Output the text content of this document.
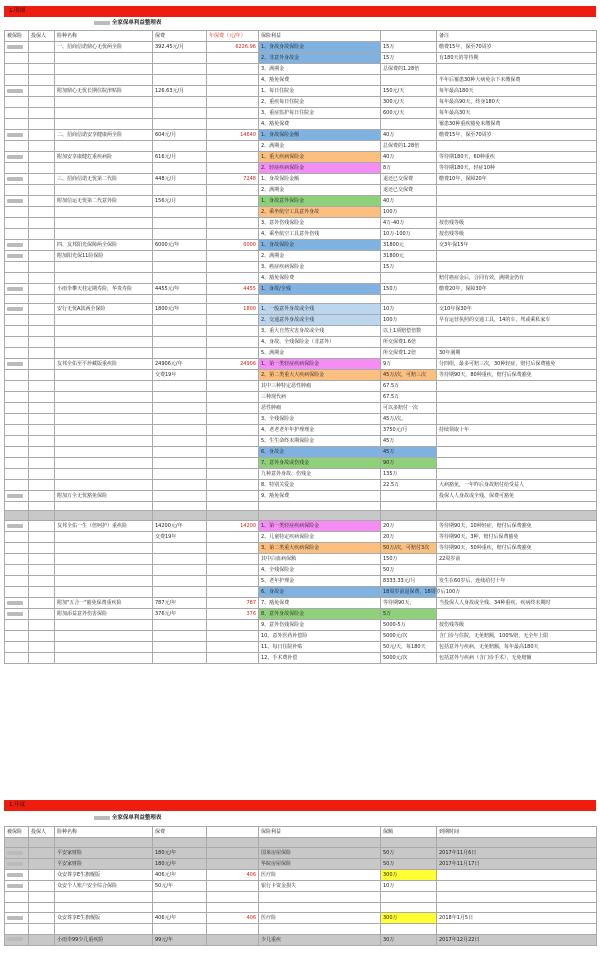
1.明细
全家保单利益整理表
被保险	投保人	险种名称	保费	年保费（元/年）	保险利益		备注
		一、招商信诺鼎心无忧两全险	392.45元/月	6226.96	1、身故身故保险金	15万	缴费15年，保至70周岁
					2、非意外身故金	15万	有180天的等待期
					3、满期金	总保费的1.28倍	
					4、豁免保费		半年后罹患30种大病免余下未缴保费
		附加鼎心无忧长期住院津贴险	126.63元/月		1、每日住院金	150元/天	每年最高180天
					2、重疾每日住院金	300元/天	每年最高90天，终身180天
					3、重症监护每日住院金	600元/天	每年最高30天
					4、豁免保费		罹患30种重疾豁免未缴保费
		二、招商信诺安享健康两全险	604元/月	14640	1、身故保险金额	40万	缴费15年，保至70周岁
					2、满期金	总保费的1.28倍	
		附加安享康健危重疾病险	616元/月		1、重大疾病保险金	40万	等待期180天，60种重疾
					2、轻症疾病保险金	8万	等待期180天，轻症10种
		三、招商信诺无忧第二代险	448元/月	7248	1、身故保险金额	退还已交保费	缴费10年，保障20年
					2、满期金	退还已交保费	
		附加信运无忧第二代意外险	156元/月		1、身故意外保险金	40万	
					2、乘坐航空工具意外身故	100万	
					3、意外伤残保险金	4万-40万	按伤残等级
					4、乘坐航空工具意外伤残	10万-100万	按伤残等级
		四、友邦阳光保障两全保险	6000元/年	6000	1、身故保险金	31800元	交3年保15年
		附加阳光保11险保险			2、满期金	31800元	
					3、癌症疾病保险金	15万	
					4、豁免保险费		赔付癌症金后，合同有效，满期金仍有
		小雨伞攀天桂定期寿险，华贵寿险	4455元/年	4455	1、身故/全残	150万	缴费20年，保障30年

		安行无忧A款两全保险	1800元/年	1800	1、一般意外身故或全残	10万	交10年保30年
					2、交通意外身故或全残	100万	早有运营执照的交通工具，14的车，驾或乘私家车
					3、重大自然灾害身故或全残	以上1项赔偿倍数	
					4、身故、全残保险金（非意外）	所交保费1.6倍	
					5、满期金	所交保费1.2倍	30年满期
		友邦全佑至平珍藏版重疾险	24906元/年	24906	1、第一类轻症疾病保险金	9万	分四组，最多可赔三次，30种轻症，赔付后保费豁免
			交费19年		2、第二类重大大疾病保险金	45万/次，可赔三次	等待期90天，80种重疾，赔付后保费豁免
					其中三种特定恶性肿瘤	67.5万	
					三种现代病	67.5万	
					恶性肿瘤	可以多赔付一次	
					3、全残保险金	45万/次。	
					4、老老老年年护理理金	3750元/月	持续领取十年
					5、生生命终末期保险金	45万	
					6、身故金	45万	
					7、意外身故或伤残金	90万	
					九种意外身故、伤残金	135万	
					8、特别关爱金	22.5万	大病豁免，一年昨后身故赔付给受益人
		附加万全无忧豁免保险			9、豁免保费		投保人人身故或全残，保费可豁免

		友邦全佑一生（倍呵护）重疾险	14200元/年	14200	1、第一类轻症疾病保险金	20万	等待期90天，10种轻症，赔付后保费豁免
			交费19年		2、儿童特定疾病保险金	20万	等待期90天，3种，赔付后保费豁免
					3、第二类重大疾病保险金	50万/次，可赔付3次	等待期90天，50种重疾，赔付后保费豁免
					其中白血病保额	150万	22周岁前
					4、全残保险金	50万	
					5、老年护理金	8333.33元/月	发生在60岁后，连续给付十年
					6、身故金	18周岁前退保费，18周岁后100万	
		附加"五合一"豁免保费重疾险	787元/年	787	7、豁免保费	等待期90天，	当投保人人身故或全残、34种重疾、疾病终末期时
		附加添益意外伤害保险	376元/年	376	8、意外身故保险金	5万	
					9、意外伤残保险金	5000-5万	按伤残等级
					10、意外医药补偿险	5000元/次	含门诊与住院，无免赔额，100%赔，无全年上限
					11、每日住院补贴	50元/天，每180天	包括意外与疾病，无免赔额，每年最高180天
					12、手术费补偿	5000元/次	包括意外与疾病（含门诊手术），无免赔额
1.年度
全家保单利益整理表
被保险	投保人	险种名称	保费		保险利益	保额	到期时间

		平安家财险	180元/年		国莱房屋保险	50万	2017年11月6日
		平安家财险	180元/年		华皖房屋保险	50万	2017年11月17日
		众安尊享E生旗舰版	406元/年	406	医疗险	300万	
		众安个人账户安全综合保险	50元/年		银行卡资金损失	10万	

		众安尊享E生旗舰版	406元/年	406	医疗险	300万	2018年1月5日

		小雨伞99少儿重疾险	99元/年		少儿重疾	30万	2017年12月22日
